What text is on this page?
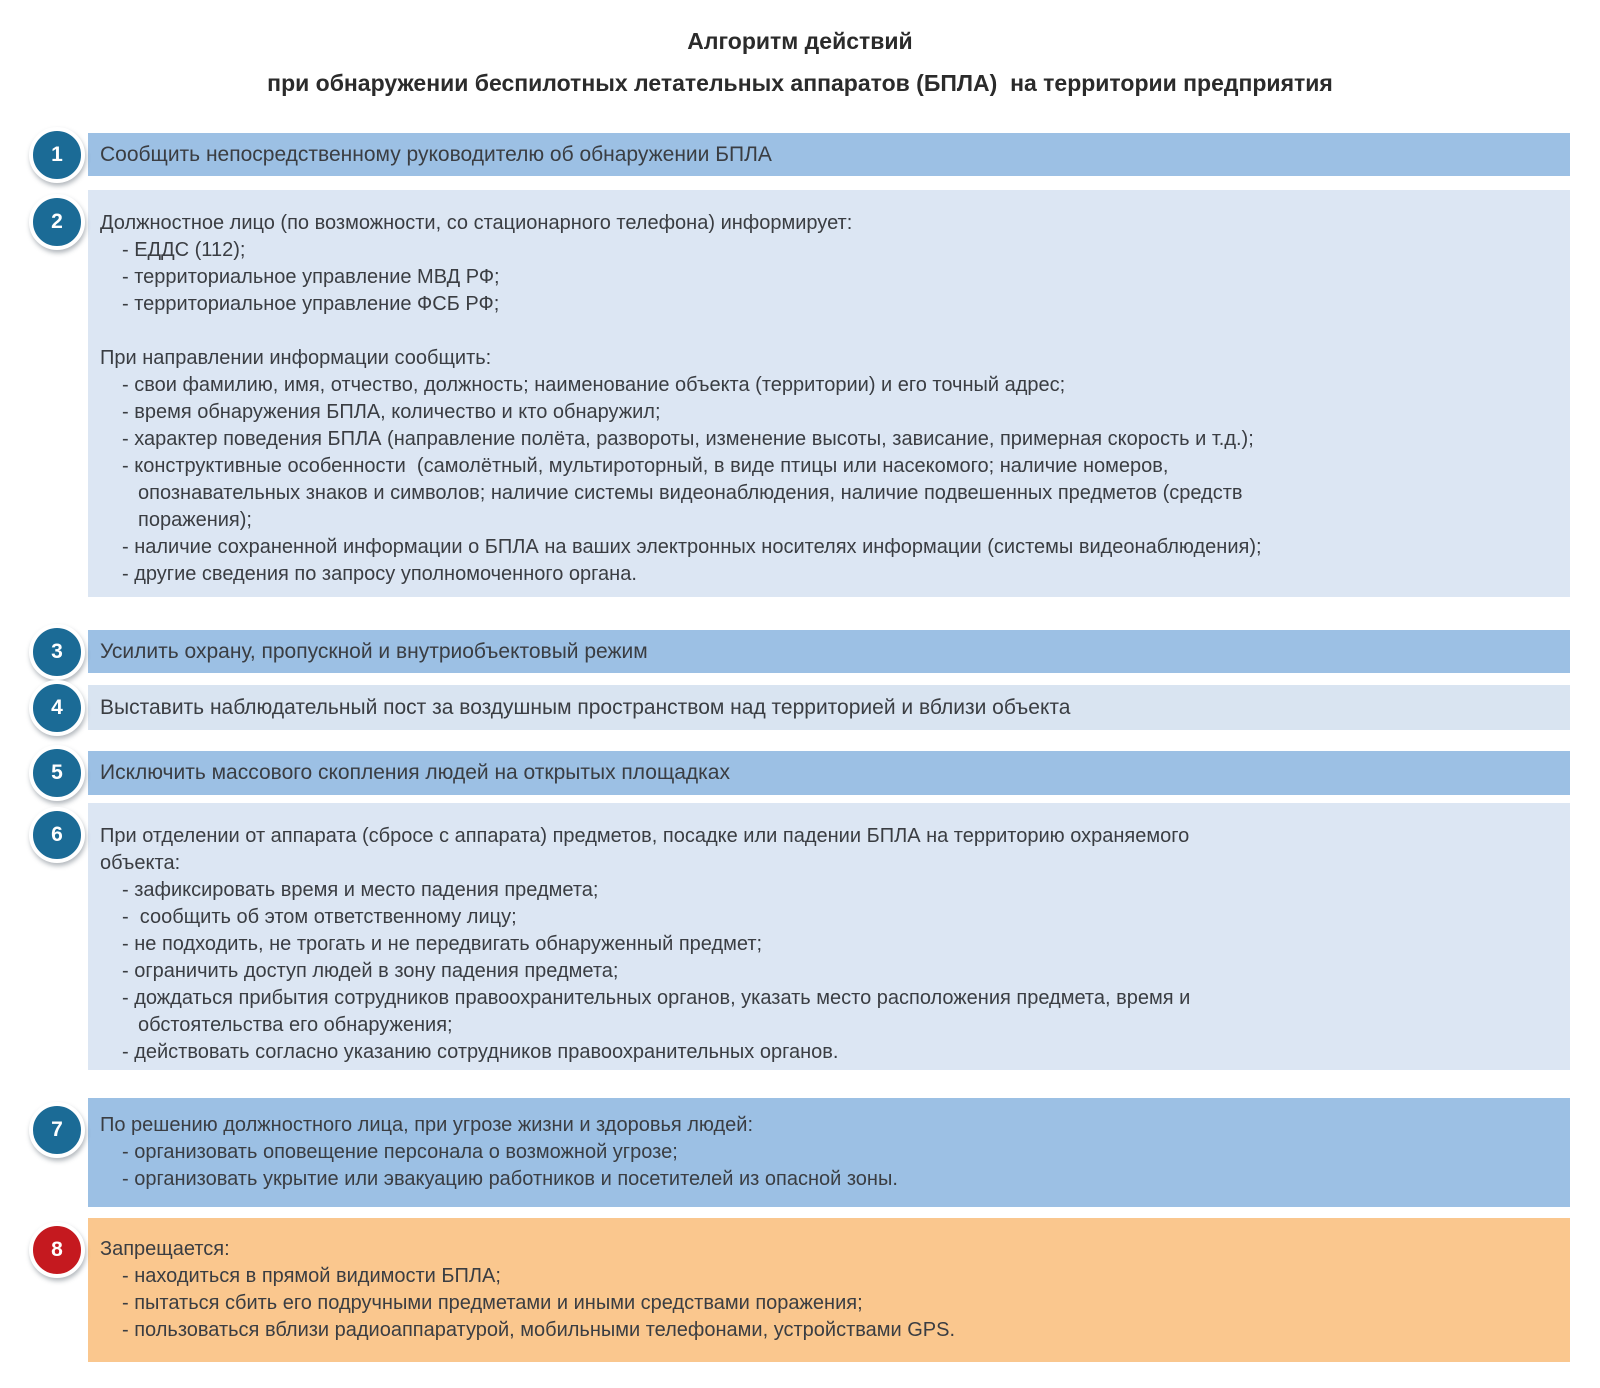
Алгоритм действий
при обнаружении беспилотных летательных аппаратов (БПЛА)  на территории предприятия
1	Сообщить непосредственному руководителю об обнаружении БПЛА
2 Должностное лицо (по возможности, со стационарного телефона) информирует:
- ЕДДС (112);
- территориальное управление МВД РФ;
- территориальное управление ФСБ РФ;
При направлении информации сообщить:
- свои фамилию, имя, отчество, должность; наименование объекта (территории) и его точный адрес;
- время обнаружения БПЛА, количество и кто обнаружил;
- характер поведения БПЛА (направление полёта, развороты, изменение высоты, зависание, примерная скорость и т.д.);
- конструктивные особенности  (самолётный, мультироторный, в виде птицы или насекомого; наличие номеров,
опознавательных знаков и символов; наличие системы видеонаблюдения, наличие подвешенных предметов (средств
поражения);
- наличие сохраненной информации о БПЛА на ваших электронных носителях информации (системы видеонаблюдения);
- другие сведения по запросу уполномоченного органа.
3	Усилить охрану, пропускной и внутриобъектовый режим
4	Выставить наблюдательный пост за воздушным пространством над территорией и вблизи объекта
5	Исключить массового скопления людей на открытых площадках
6 При отделении от аппарата (сбросе с аппарата) предметов, посадке или падении БПЛА на территорию охраняемого
объекта:
- зафиксировать время и место падения предмета;
-  сообщить об этом ответственному лицу;
- не подходить, не трогать и не передвигать обнаруженный предмет;
- ограничить доступ людей в зону падения предмета;
- дождаться прибытия сотрудников правоохранительных органов, указать место расположения предмета, время и
обстоятельства его обнаружения;
- действовать согласно указанию сотрудников правоохранительных органов.
7 По решению должностного лица, при угрозе жизни и здоровья людей:
- организовать оповещение персонала о возможной угрозе;
- организовать укрытие или эвакуацию работников и посетителей из опасной зоны.
8 Запрещается:
- находиться в прямой видимости БПЛА;
- пытаться сбить его подручными предметами и иными средствами поражения;
- пользоваться вблизи радиоаппаратурой, мобильными телефонами, устройствами GPS.
